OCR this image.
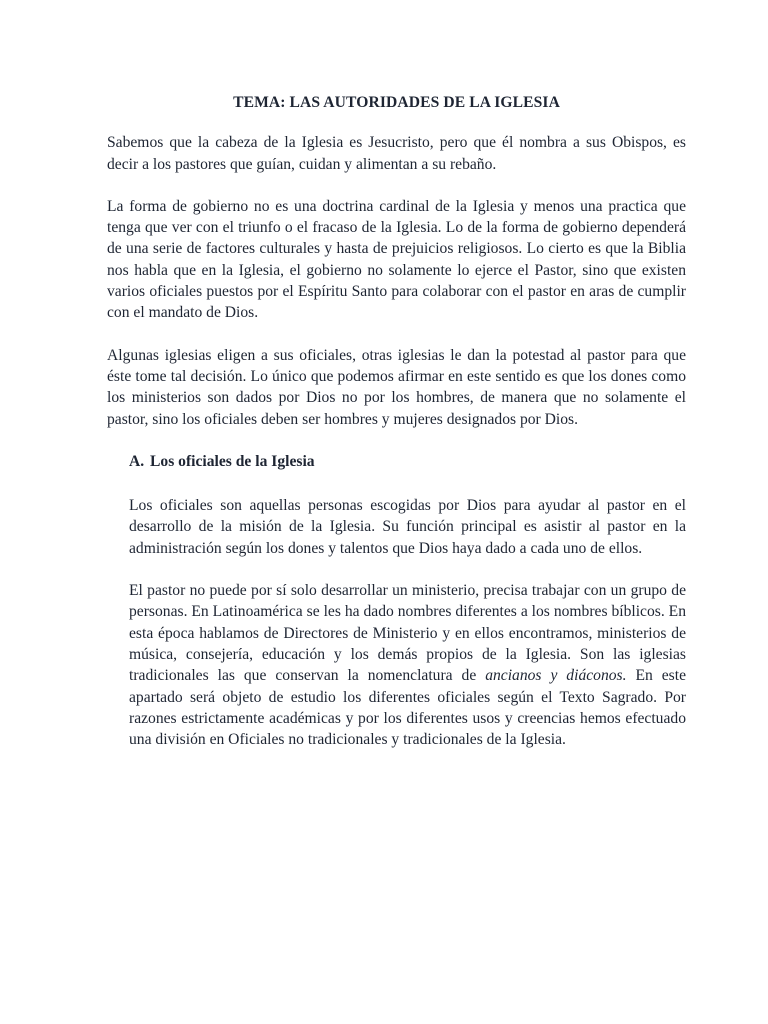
TEMA: LAS AUTORIDADES DE LA IGLESIA

Sabemos que la cabeza de la Iglesia es Jesucristo, pero que él nombra a sus Obispos, es decir a los pastores que guían, cuidan y alimentan a su rebaño.

La forma de gobierno no es una doctrina cardinal de la Iglesia y menos una practica que tenga que ver con el triunfo o el fracaso de la Iglesia. Lo de la forma de gobierno dependerá de una serie de factores culturales y hasta de prejuicios religiosos. Lo cierto es que la Biblia nos habla que en la Iglesia, el gobierno no solamente lo ejerce el Pastor, sino que existen varios oficiales puestos por el Espíritu Santo para colaborar con el pastor en aras de cumplir con el mandato de Dios.

Algunas iglesias eligen a sus oficiales, otras iglesias le dan la potestad al pastor para que éste tome tal decisión. Lo único que podemos afirmar en este sentido es que los dones como los ministerios son dados por Dios no por los hombres, de manera que no solamente el pastor, sino los oficiales deben ser hombres y mujeres designados por Dios.

A. Los oficiales de la Iglesia

Los oficiales son aquellas personas escogidas por Dios para ayudar al pastor en el desarrollo de la misión de la Iglesia. Su función principal es asistir al pastor en la administración según los dones y talentos que Dios haya dado a cada uno de ellos.

El pastor no puede por sí solo desarrollar un ministerio, precisa trabajar con un grupo de personas. En Latinoamérica se les ha dado nombres diferentes a los nombres bíblicos. En esta época hablamos de Directores de Ministerio y en ellos encontramos, ministerios de música, consejería, educación y los demás propios de la Iglesia. Son las iglesias tradicionales las que conservan la nomenclatura de ancianos y diáconos. En este apartado será objeto de estudio los diferentes oficiales según el Texto Sagrado. Por razones estrictamente académicas y por los diferentes usos y creencias hemos efectuado una división en Oficiales no tradicionales y tradicionales de la Iglesia.
